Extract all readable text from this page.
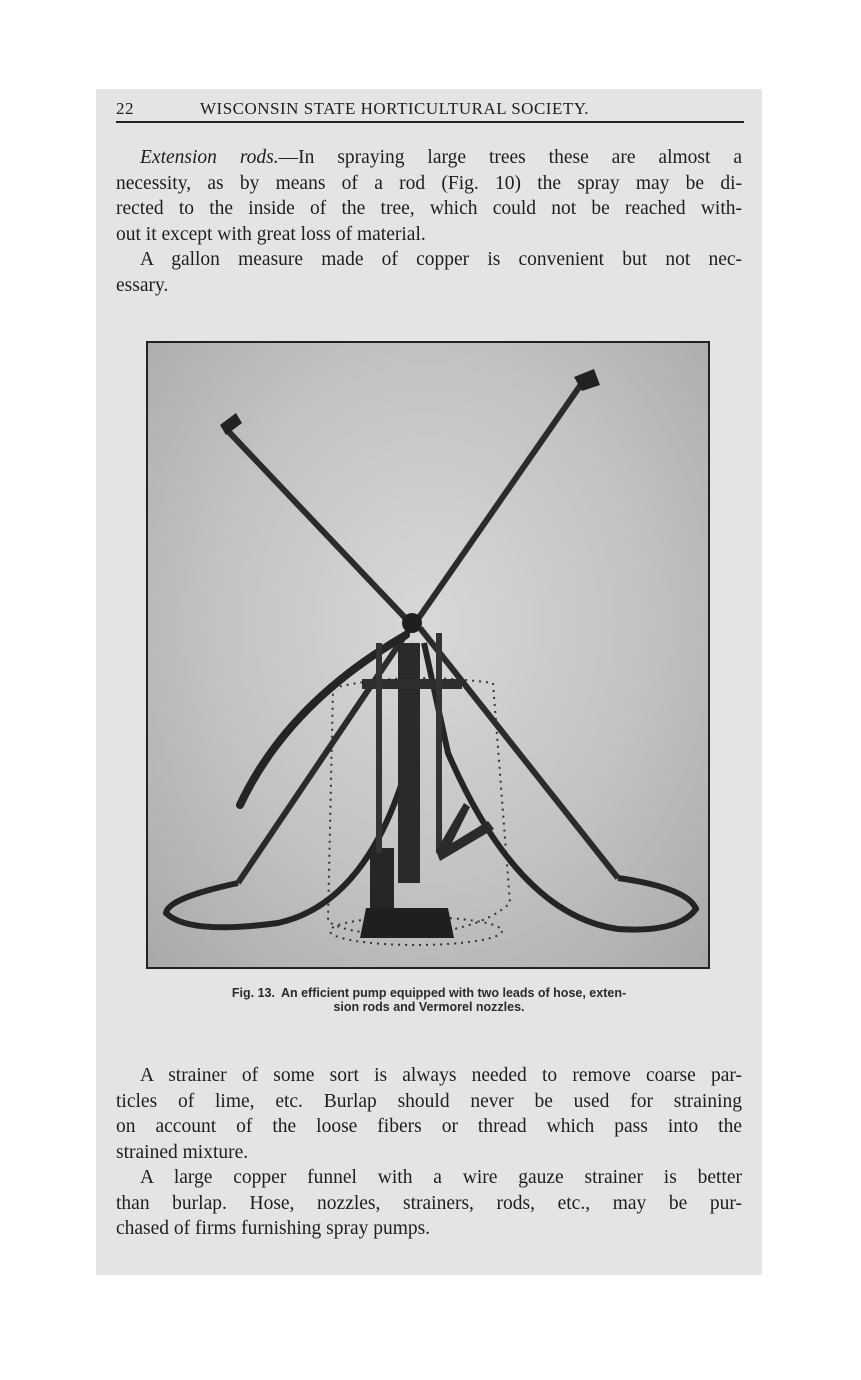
22	WISCONSIN STATE HORTICULTURAL SOCIETY.
Extension rods.—In spraying large trees these are almost a
necessity, as by means of a rod (Fig. 10) the spray may be di-
rected to the inside of the tree, which could not be reached with-
out it except with great loss of material.
A gallon measure made of copper is convenient but not nec-
essary.
Fig. 13. An efficient pump equipped with two leads of hose, exten-
sion rods and Vermorel nozzles.
A strainer of some sort is always needed to remove coarse par-
ticles of lime, etc. Burlap should never be used for straining
on account of the loose fibers or thread which pass into the
strained mixture.
A large copper funnel with a wire gauze strainer is better
than burlap. Hose, nozzles, strainers, rods, etc., may be pur-
chased of firms furnishing spray pumps.
